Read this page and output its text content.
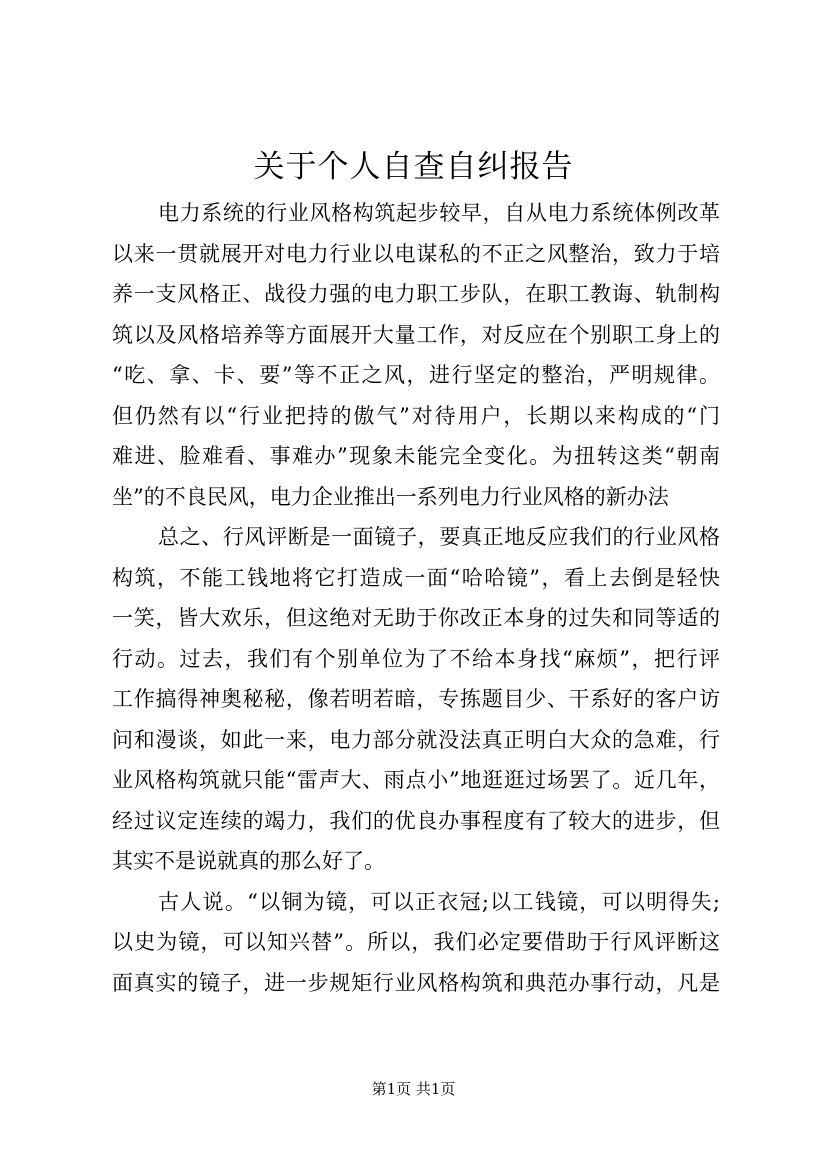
关于个人自查自纠报告
电力系统的行业风格构筑起步较早，自从电力系统体例改革
以来一贯就展开对电力行业以电谋私的不正之风整治，致力于培
养一支风格正、战役力强的电力职工步队，在职工教诲、轨制构
筑以及风格培养等方面展开大量工作，对反应在个别职工身上的
“吃、拿、卡、要”等不正之风，进行坚定的整治，严明规律。
但仍然有以“行业把持的傲气”对待用户，长期以来构成的“门
难进、脸难看、事难办”现象未能完全变化。为扭转这类“朝南
坐”的不良民风，电力企业推出一系列电力行业风格的新办法
总之、行风评断是一面镜子，要真正地反应我们的行业风格
构筑，不能工钱地将它打造成一面“哈哈镜”，看上去倒是轻快
一笑，皆大欢乐，但这绝对无助于你改正本身的过失和同等适的
行动。过去，我们有个别单位为了不给本身找“麻烦”，把行评
工作搞得神奥秘秘，像若明若暗，专拣题目少、干系好的客户访
问和漫谈，如此一来，电力部分就没法真正明白大众的急难，行
业风格构筑就只能“雷声大、雨点小”地逛逛过场罢了。近几年，
经过议定连续的竭力，我们的优良办事程度有了较大的进步，但
其实不是说就真的那么好了。
古人说。“以铜为镜，可以正衣冠;以工钱镜，可以明得失;
以史为镜，可以知兴替”。所以，我们必定要借助于行风评断这
面真实的镜子，进一步规矩行业风格构筑和典范办事行动，凡是
第1页 共1页
